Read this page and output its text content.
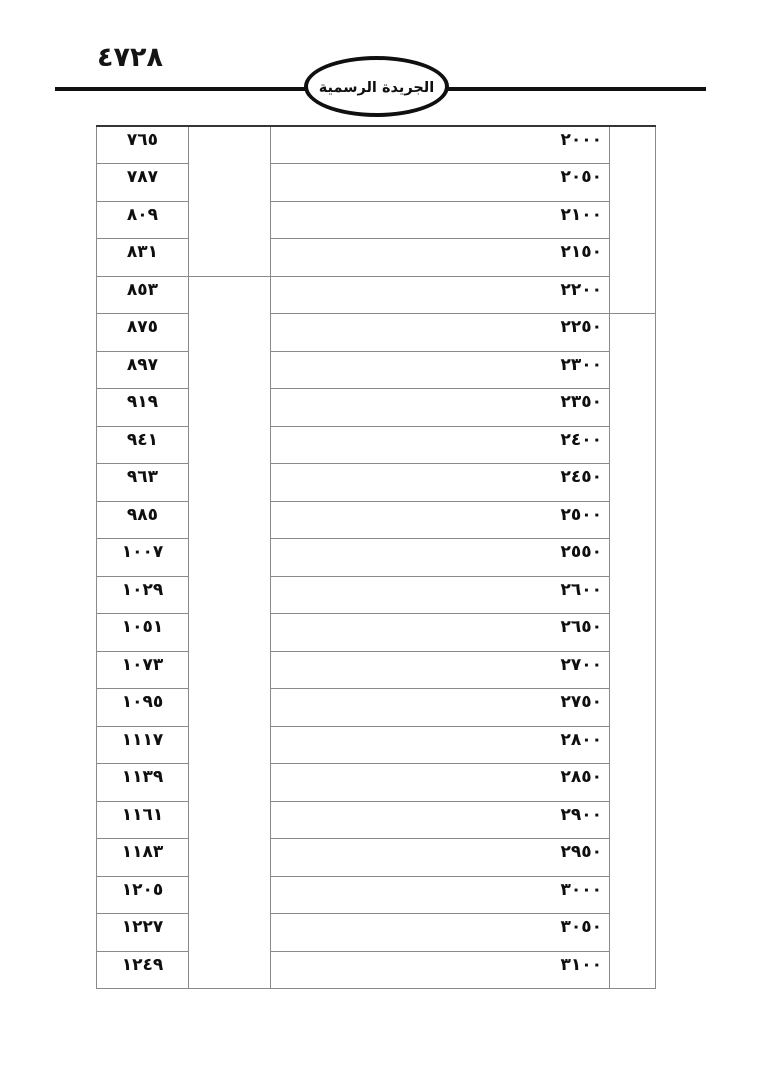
٤٧٢٨
الجريدة الرسمية
٧٦٥		٢٠٠٠	
٧٨٧		٢٠٥٠	
٨٠٩		٢١٠٠	
٨٣١		٢١٥٠	
٨٥٣		٢٢٠٠	
٨٧٥		٢٢٥٠	
٨٩٧		٢٣٠٠	
٩١٩		٢٣٥٠	
٩٤١		٢٤٠٠	
٩٦٣		٢٤٥٠	
٩٨٥		٢٥٠٠	
١٠٠٧		٢٥٥٠	
١٠٢٩		٢٦٠٠	
١٠٥١		٢٦٥٠	
١٠٧٣		٢٧٠٠	
١٠٩٥		٢٧٥٠	
١١١٧		٢٨٠٠	
١١٣٩		٢٨٥٠	
١١٦١		٢٩٠٠	
١١٨٣		٢٩٥٠	
١٢٠٥		٣٠٠٠	
١٢٢٧		٣٠٥٠	
١٢٤٩		٣١٠٠	
